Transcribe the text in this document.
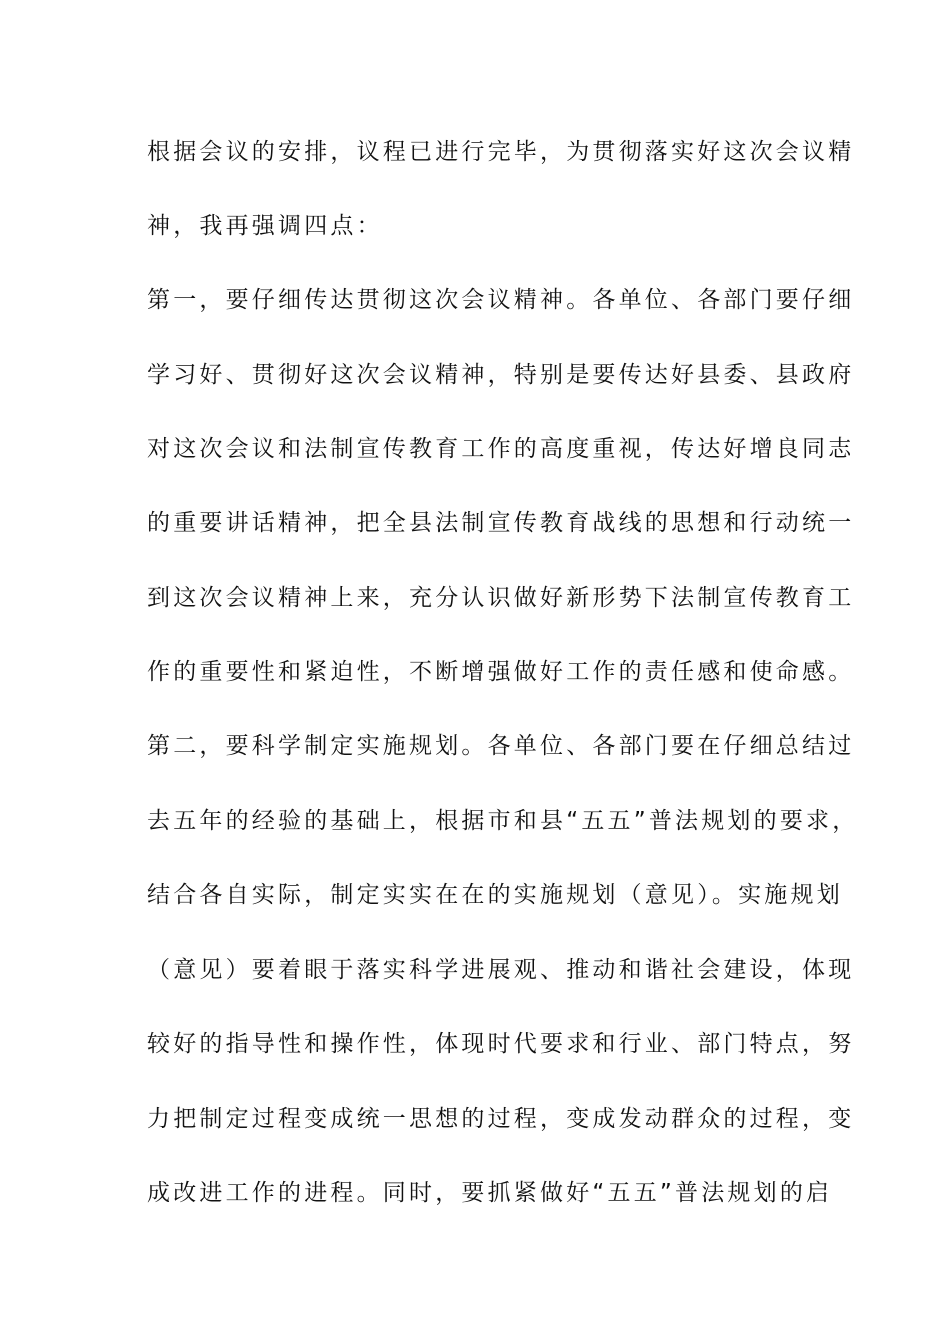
根据会议的安排，议程已进行完毕，为贯彻落实好这次会议精
神，我再强调四点：
第一，要仔细传达贯彻这次会议精神。各单位、各部门要仔细
学习好、贯彻好这次会议精神，特别是要传达好县委、县政府
对这次会议和法制宣传教育工作的高度重视，传达好增良同志
的重要讲话精神，把全县法制宣传教育战线的思想和行动统一
到这次会议精神上来，充分认识做好新形势下法制宣传教育工
作的重要性和紧迫性，不断增强做好工作的责任感和使命感。
第二，要科学制定实施规划。各单位、各部门要在仔细总结过
去五年的经验的基础上，根据市和县“五五”普法规划的要求，
结合各自实际，制定实实在在的实施规划（意见）。实施规划
（意见）要着眼于落实科学进展观、推动和谐社会建设，体现
较好的指导性和操作性，体现时代要求和行业、部门特点，努
力把制定过程变成统一思想的过程，变成发动群众的过程，变
成改进工作的进程。同时，要抓紧做好“五五”普法规划的启
